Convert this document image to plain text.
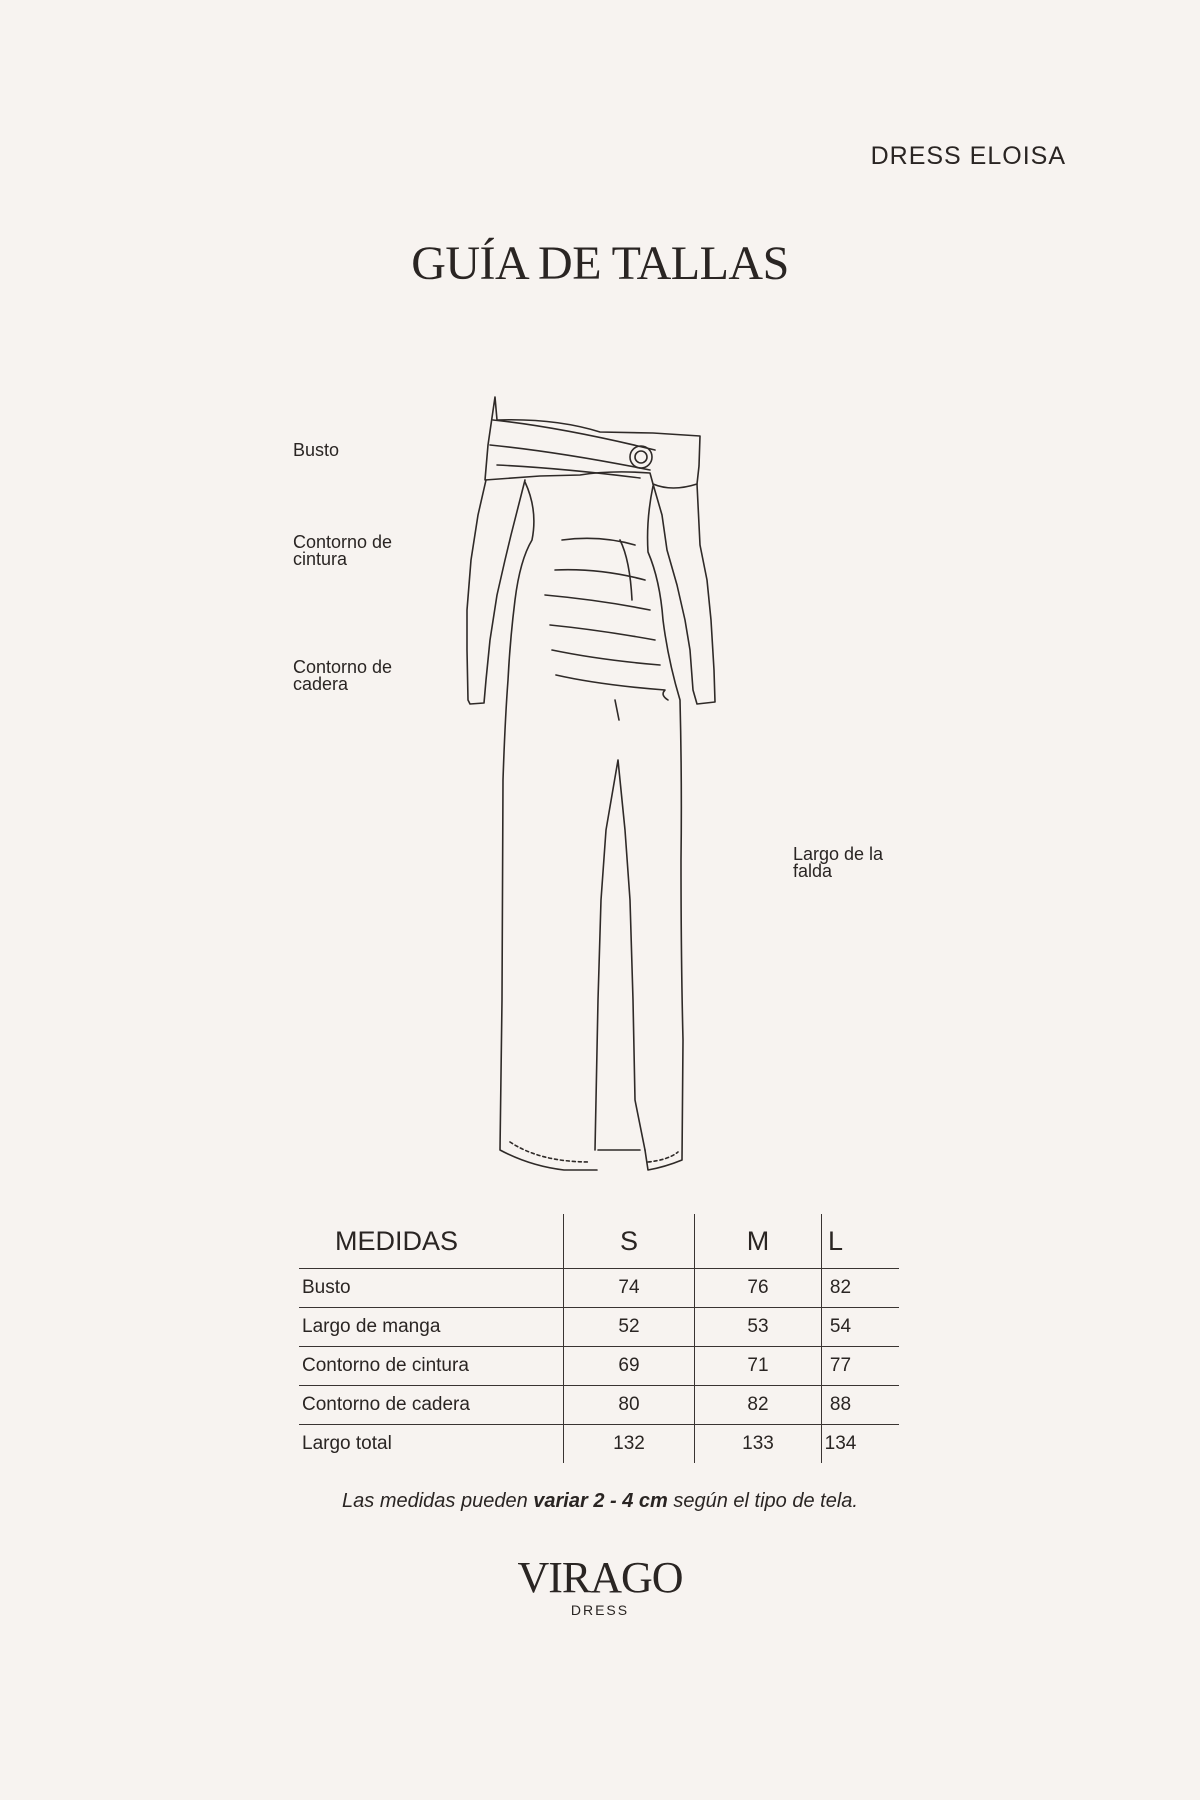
DRESS ELOISA
GUÍA DE TALLAS
Busto
Contorno de
cintura
Contorno de
cadera
Largo de la
falda
MEDIDAS	S	M	L
Busto	74	76	82
Largo de manga	52	53	54
Contorno de cintura	69	71	77
Contorno de cadera	80	82	88
Largo total	132	133	134
Las medidas pueden variar 2 - 4 cm según el tipo de tela.
VIRAGO
DRESS
